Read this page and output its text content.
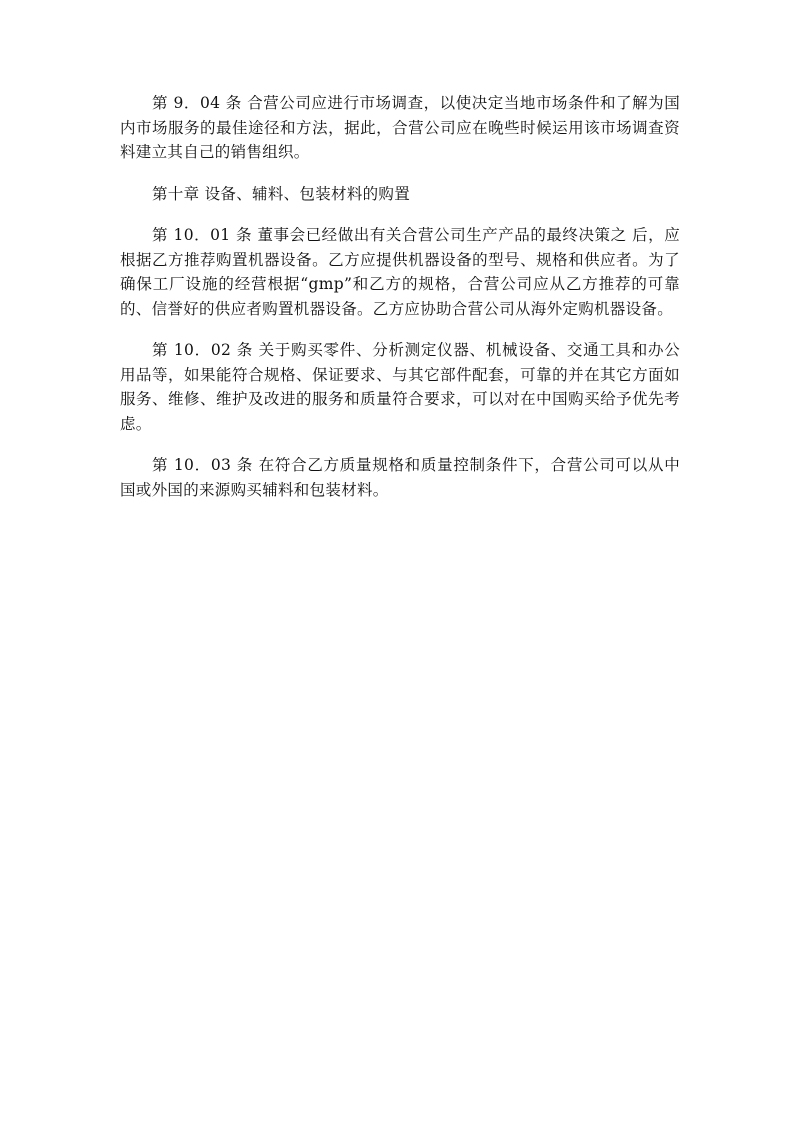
第 9．04 条 合营公司应进行市场调查，以使决定当地市场条件和了解为国内市场服务的最佳途径和方法，据此，合营公司应在晚些时候运用该市场调查资料建立其自己的销售组织。

第十章 设备、辅料、包装材料的购置

第 10．01 条 董事会已经做出有关合营公司生产产品的最终决策之 后，应根据乙方推荐购置机器设备。乙方应提供机器设备的型号、规格和供应者。为了确保工厂设施的经营根据“gmp”和乙方的规格，合营公司应从乙方推荐的可靠的、信誉好的供应者购置机器设备。乙方应协助合营公司从海外定购机器设备。

第 10．02 条 关于购买零件、分析测定仪器、机械设备、交通工具和办公用品等，如果能符合规格、保证要求、与其它部件配套，可靠的并在其它方面如服务、维修、维护及改进的服务和质量符合要求，可以对在中国购买给予优先考虑。

第 10．03 条 在符合乙方质量规格和质量控制条件下，合营公司可以从中国或外国的来源购买辅料和包装材料。
